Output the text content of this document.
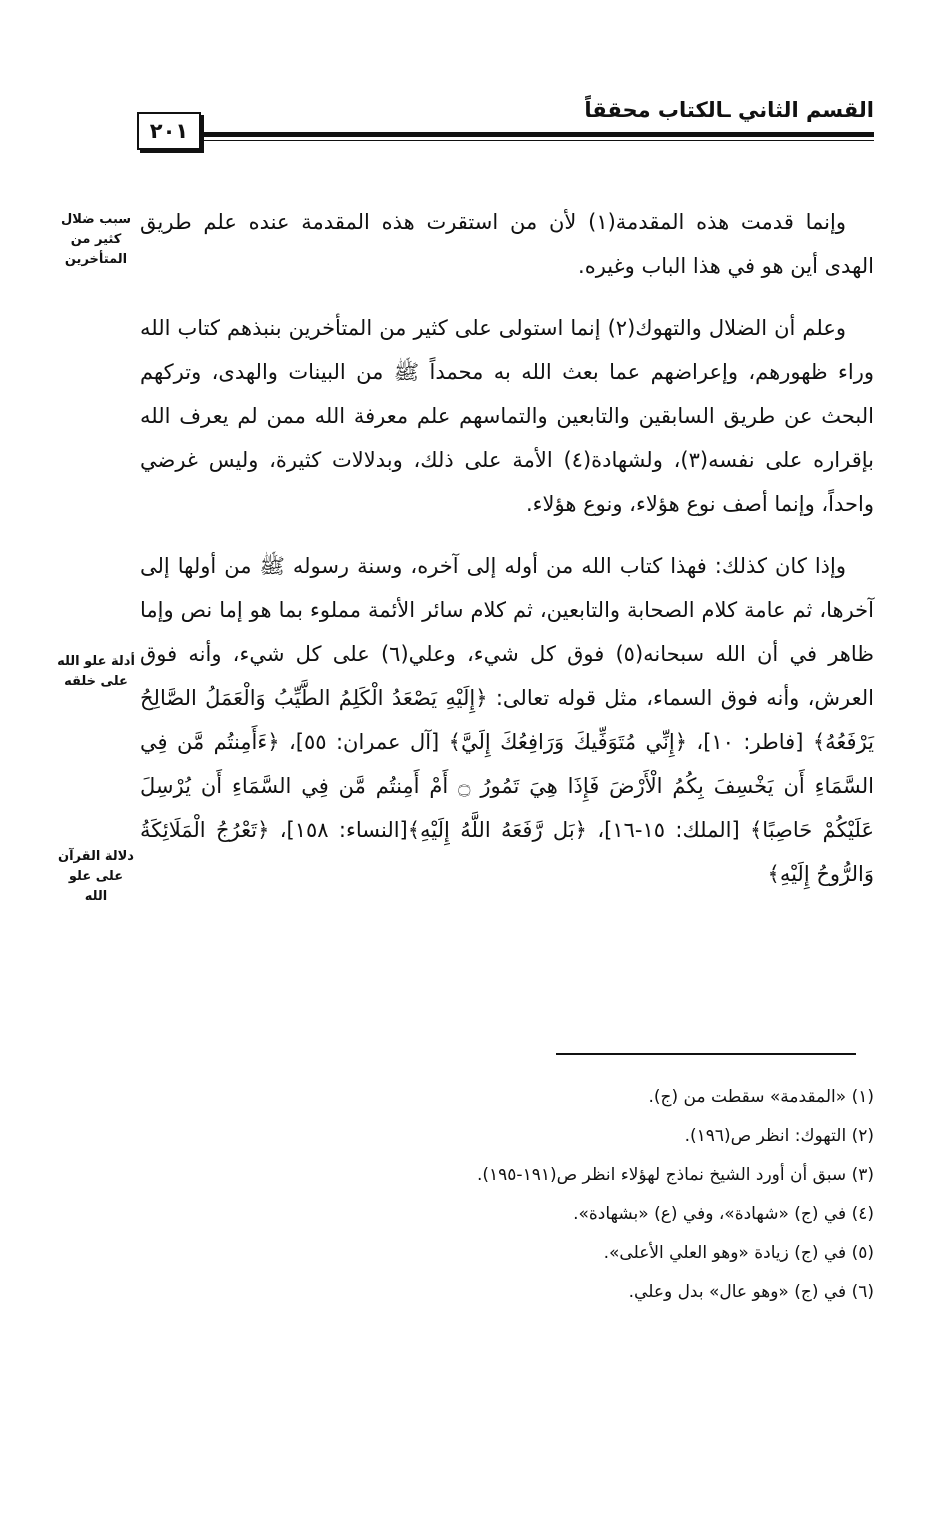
القسم الثاني ـالكتاب محققاً
٢٠١
سبب ضلال كثير من المتأخرين
أدلة علو الله على خلقه
دلالة القرآن على علو الله

وإنما قدمت هذه المقدمة(١) لأن من استقرت هذه المقدمة عنده علم طريق الهدى أين هو في هذا الباب وغيره.

وعلم أن الضلال والتهوك(٢) إنما استولى على كثير من المتأخرين بنبذهم كتاب الله وراء ظهورهم، وإعراضهم عما بعث الله به محمداً ﷺ من البينات والهدى، وتركهم البحث عن طريق السابقين والتابعين والتماسهم علم معرفة الله ممن لم يعرف الله بإقراره على نفسه(٣)، ولشهادة(٤) الأمة على ذلك، وبدلالات كثيرة، وليس غرضي واحداً، وإنما أصف نوع هؤلاء، ونوع هؤلاء.

وإذا كان كذلك: فهذا كتاب الله من أوله إلى آخره، وسنة رسوله ﷺ من أولها إلى آخرها، ثم عامة كلام الصحابة والتابعين، ثم كلام سائر الأئمة مملوء بما هو إما نص وإما ظاهر في أن الله سبحانه(٥) فوق كل شيء، وعلي(٦) على كل شيء، وأنه فوق العرش، وأنه فوق السماء، مثل قوله تعالى: ﴿إِلَيْهِ يَصْعَدُ الْكَلِمُ الطَّيِّبُ وَالْعَمَلُ الصَّالِحُ يَرْفَعُهُ﴾ [فاطر: ١٠]، ﴿إِنِّي مُتَوَفِّيكَ وَرَافِعُكَ إِلَيَّ﴾ [آل عمران: ٥٥]، ﴿ءَأَمِنتُم مَّن فِي السَّمَاءِ أَن يَخْسِفَ بِكُمُ الْأَرْضَ فَإِذَا هِيَ تَمُورُ ۝ أَمْ أَمِنتُم مَّن فِي السَّمَاءِ أَن يُرْسِلَ عَلَيْكُمْ حَاصِبًا﴾ [الملك: ١٥-١٦]، ﴿بَل رَّفَعَهُ اللَّهُ إِلَيْهِ﴾[النساء: ١٥٨]، ﴿تَعْرُجُ الْمَلَائِكَةُ وَالرُّوحُ إِلَيْهِ﴾

(١) «المقدمة» سقطت من (ج).
(٢) التهوك: انظر ص(١٩٦).
(٣) سبق أن أورد الشيخ نماذج لهؤلاء انظر ص(١٩١-١٩٥).
(٤) في (ج) «شهادة»، وفي (ع) «بشهادة».
(٥) في (ج) زيادة «وهو العلي الأعلى».
(٦) في (ج) «وهو عال» بدل وعلي.
